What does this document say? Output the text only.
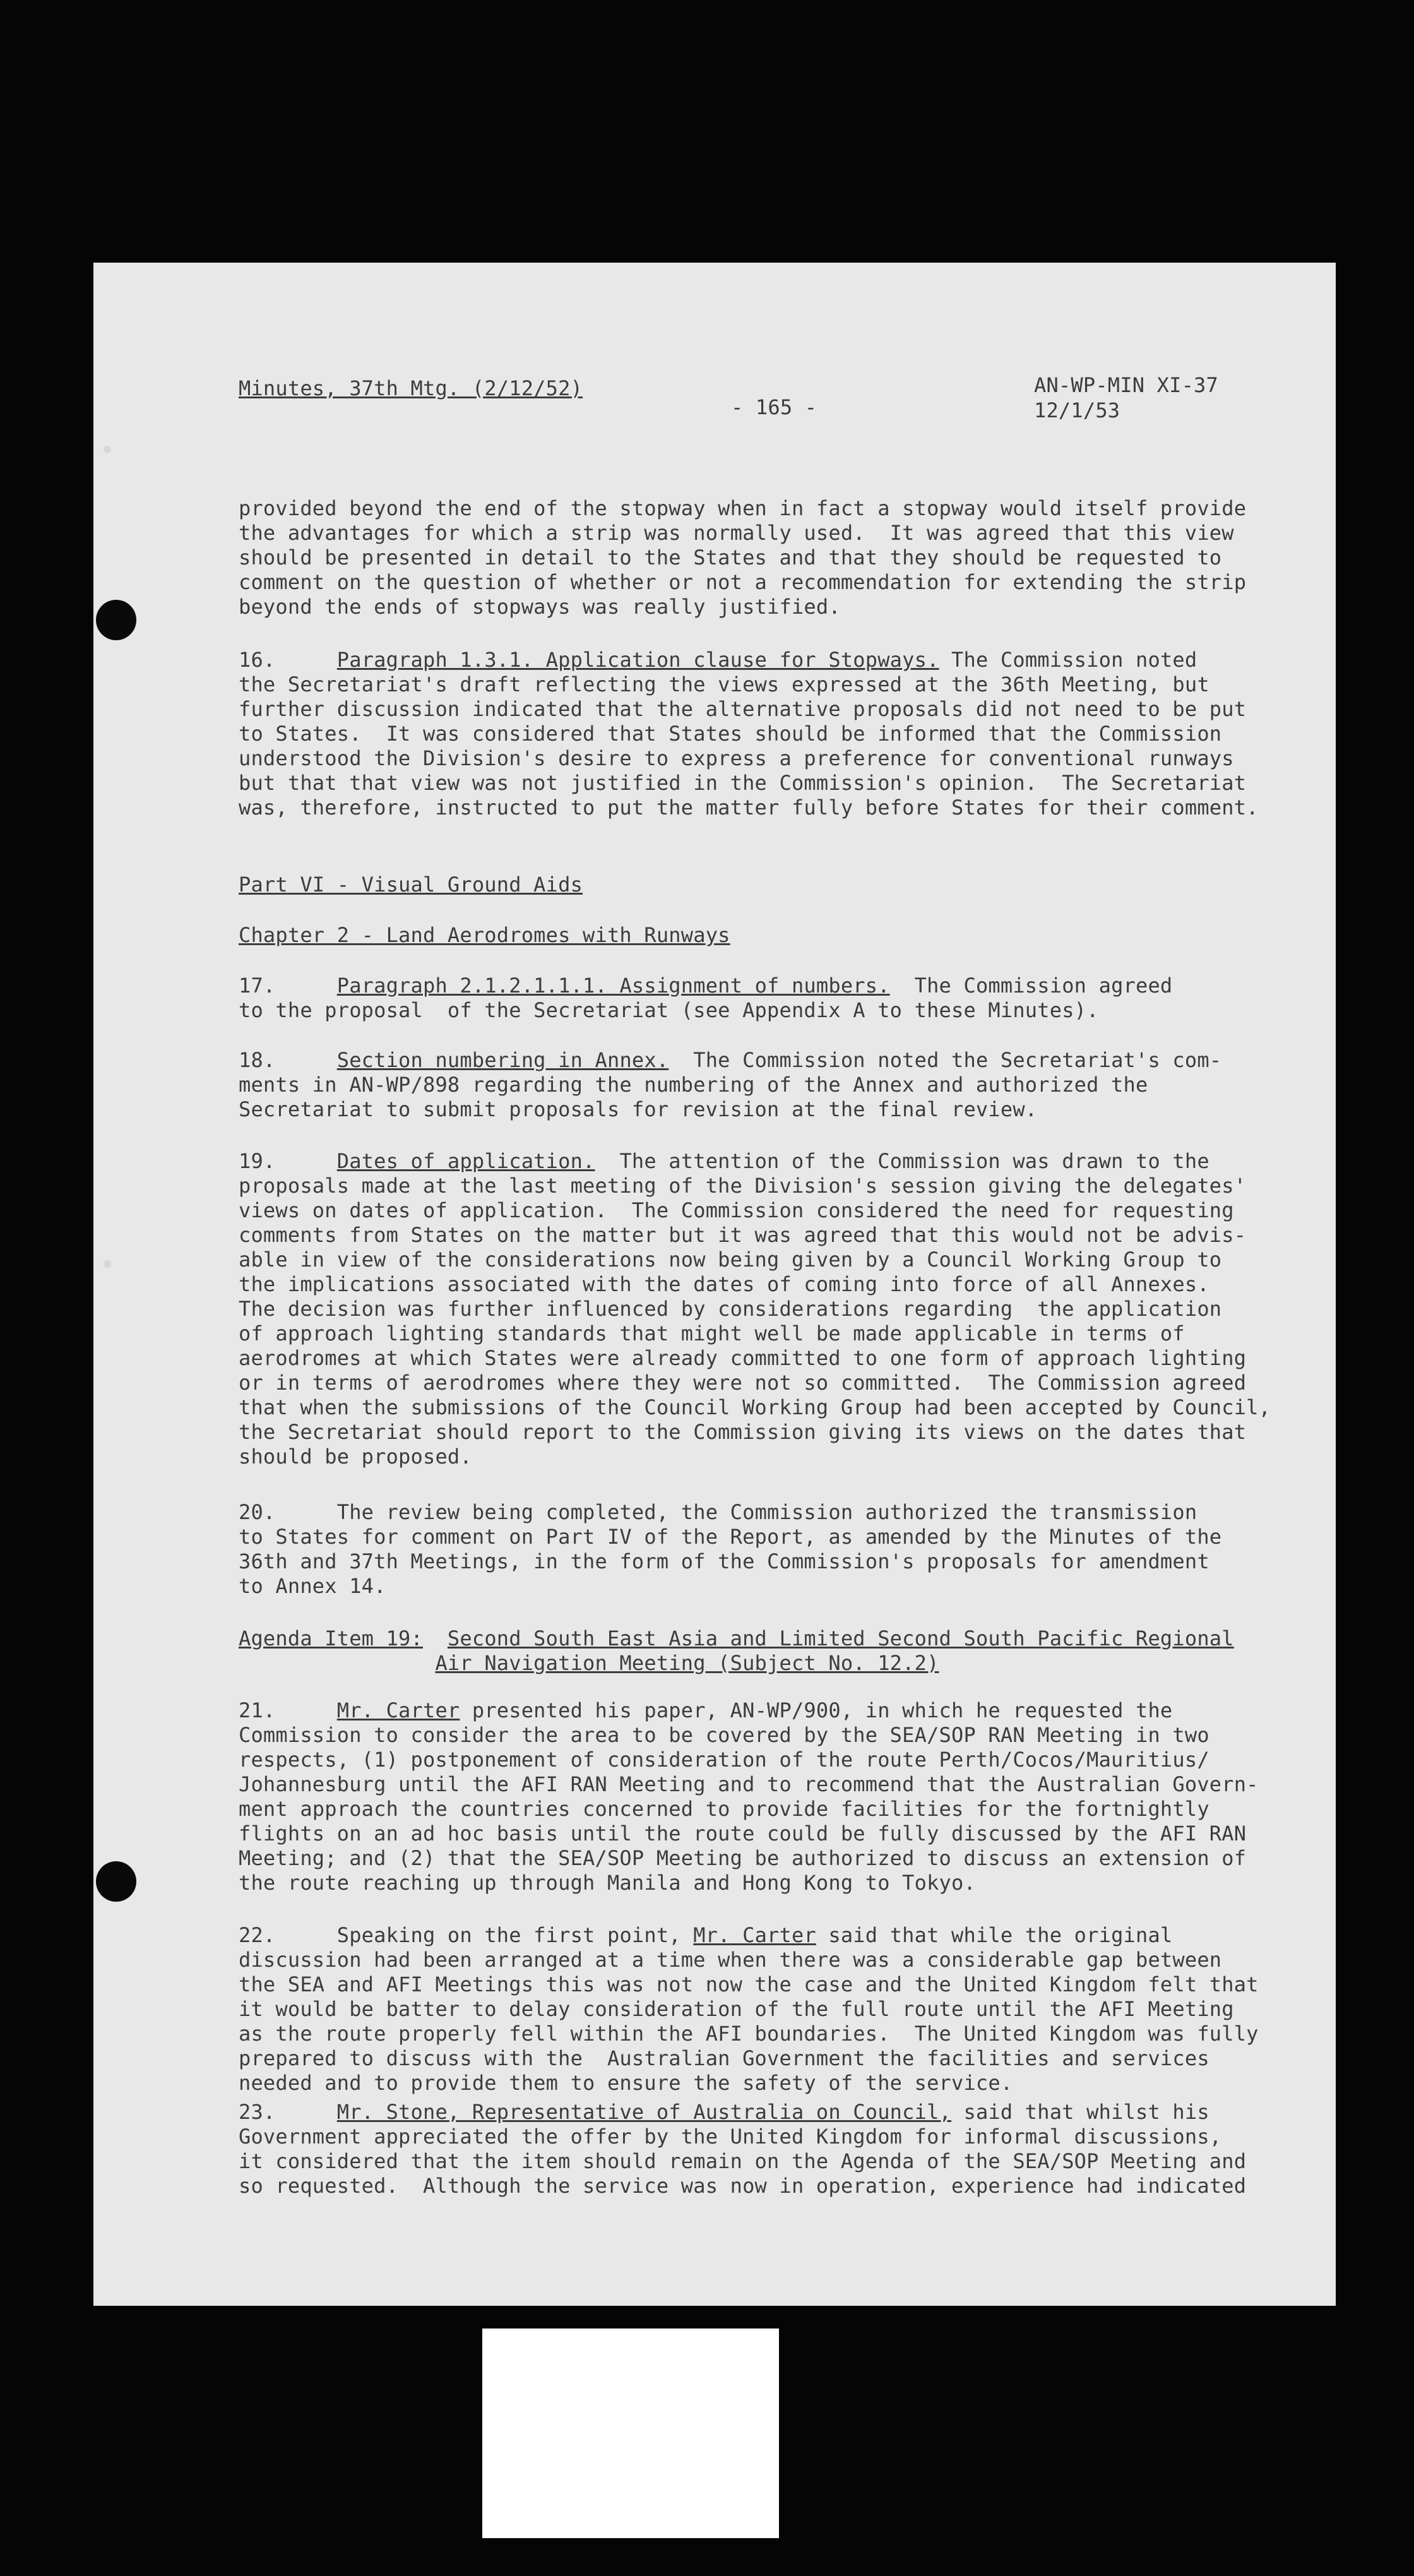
Minutes, 37th Mtg. (2/12/52)
- 165 -
AN-WP-MIN XI-37
12/1/53
provided beyond the end of the stopway when in fact a stopway would itself provide
the advantages for which a strip was normally used.  It was agreed that this view
should be presented in detail to the States and that they should be requested to
comment on the question of whether or not a recommendation for extending the strip
beyond the ends of stopways was really justified.
16.	Paragraph 1.3.1. Application clause for Stopways. The Commission noted
the Secretariat's draft reflecting the views expressed at the 36th Meeting, but
further discussion indicated that the alternative proposals did not need to be put
to States.  It was considered that States should be informed that the Commission
understood the Division's desire to express a preference for conventional runways
but that that view was not justified in the Commission's opinion.  The Secretariat
was, therefore, instructed to put the matter fully before States for their comment.
Part VI - Visual Ground Aids
Chapter 2 - Land Aerodromes with Runways
17.	Paragraph 2.1.2.1.1.1. Assignment of numbers.  The Commission agreed
to the proposal  of the Secretariat (see Appendix A to these Minutes).
18.	Section numbering in Annex.  The Commission noted the Secretariat's com-
ments in AN-WP/898 regarding the numbering of the Annex and authorized the
Secretariat to submit proposals for revision at the final review.
19.	Dates of application.  The attention of the Commission was drawn to the
proposals made at the last meeting of the Division's session giving the delegates'
views on dates of application.  The Commission considered the need for requesting
comments from States on the matter but it was agreed that this would not be advis-
able in view of the considerations now being given by a Council Working Group to
the implications associated with the dates of coming into force of all Annexes.
The decision was further influenced by considerations regarding  the application
of approach lighting standards that might well be made applicable in terms of
aerodromes at which States were already committed to one form of approach lighting
or in terms of aerodromes where they were not so committed.  The Commission agreed
that when the submissions of the Council Working Group had been accepted by Council,
the Secretariat should report to the Commission giving its views on the dates that
should be proposed.
20.	The review being completed, the Commission authorized the transmission
to States for comment on Part IV of the Report, as amended by the Minutes of the
36th and 37th Meetings, in the form of the Commission's proposals for amendment
to Annex 14.
Agenda Item 19: Second South East Asia and Limited Second South Pacific Regional
Air Navigation Meeting (Subject No. 12.2)
21.	Mr. Carter presented his paper, AN-WP/900, in which he requested the
Commission to consider the area to be covered by the SEA/SOP RAN Meeting in two
respects, (1) postponement of consideration of the route Perth/Cocos/Mauritius/
Johannesburg until the AFI RAN Meeting and to recommend that the Australian Govern-
ment approach the countries concerned to provide facilities for the fortnightly
flights on an ad hoc basis until the route could be fully discussed by the AFI RAN
Meeting; and (2) that the SEA/SOP Meeting be authorized to discuss an extension of
the route reaching up through Manila and Hong Kong to Tokyo.
22.	Speaking on the first point, Mr. Carter said that while the original
discussion had been arranged at a time when there was a considerable gap between
the SEA and AFI Meetings this was not now the case and the United Kingdom felt that
it would be batter to delay consideration of the full route until the AFI Meeting
as the route properly fell within the AFI boundaries.  The United Kingdom was fully
prepared to discuss with the  Australian Government the facilities and services
needed and to provide them to ensure the safety of the service.
23.	Mr. Stone, Representative of Australia on Council, said that whilst his
Government appreciated the offer by the United Kingdom for informal discussions,
it considered that the item should remain on the Agenda of the SEA/SOP Meeting and
so requested.  Although the service was now in operation, experience had indicated
